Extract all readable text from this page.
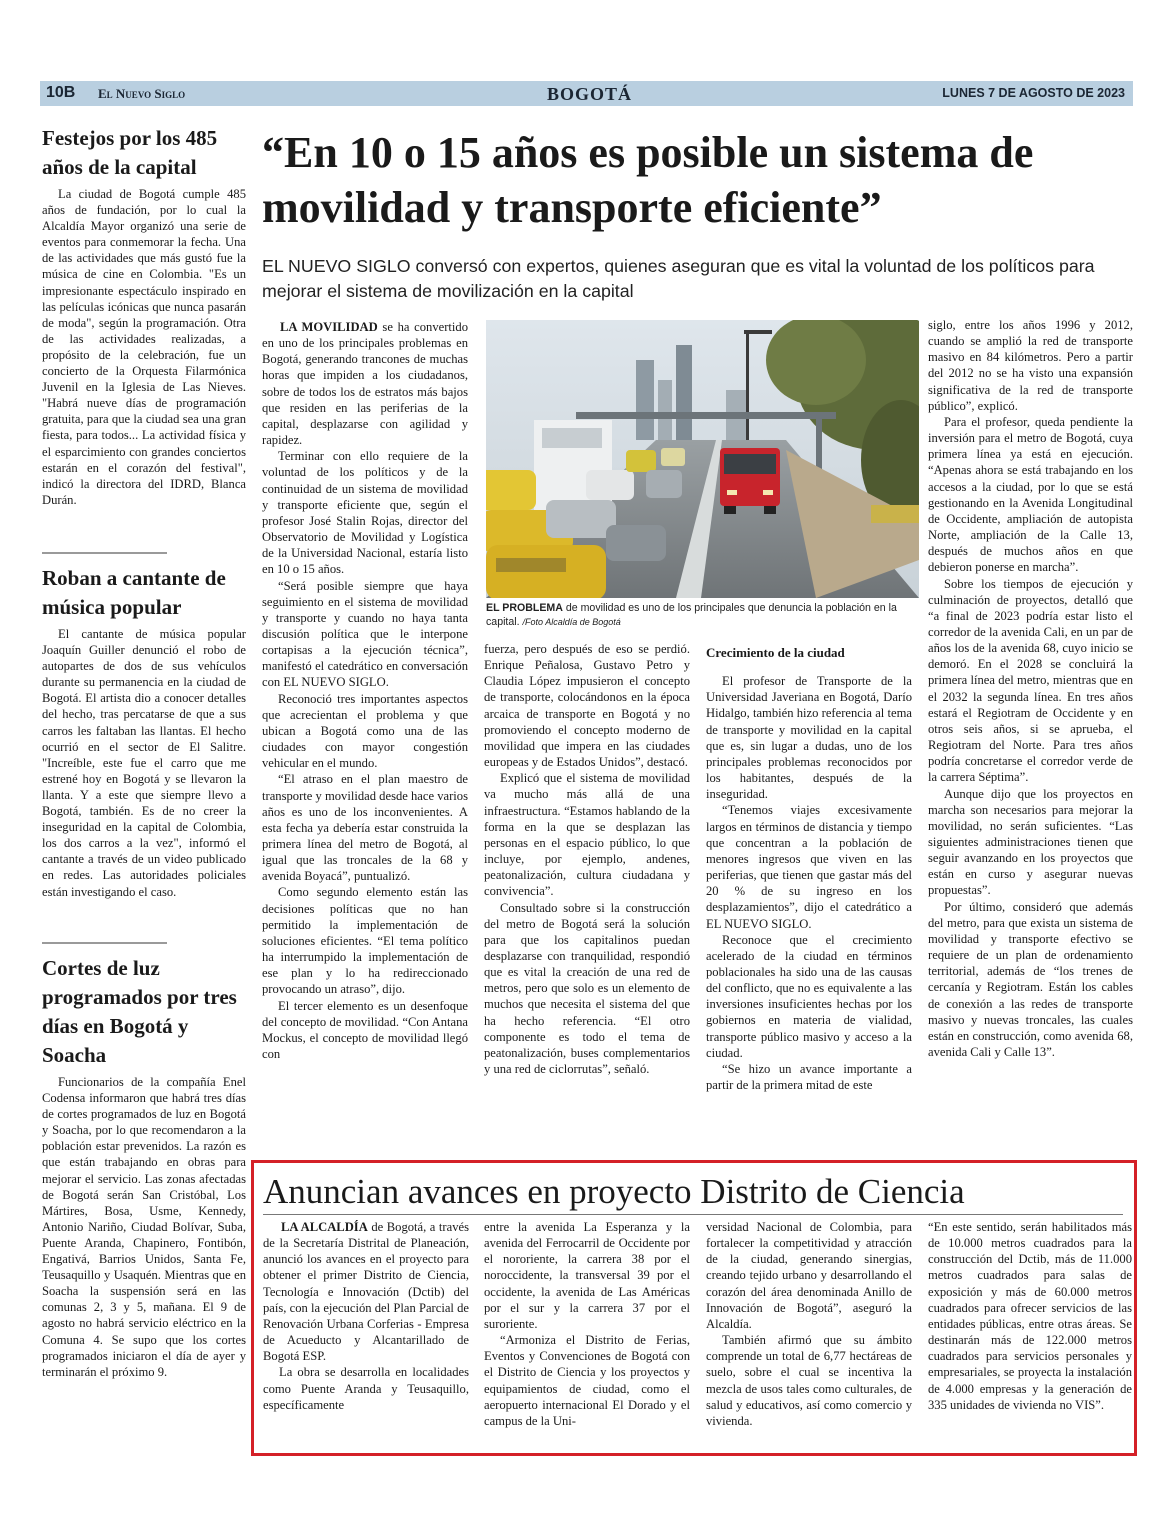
10B El Nuevo Siglo	BOGOTÁ	LUNES 7 DE AGOSTO DE 2023
Festejos por los 485 años de la capital
La ciudad de Bogotá cumple 485 años de fundación, por lo cual la Alcaldía Mayor organizó una serie de eventos para conmemorar la fecha. Una de las actividades que más gustó fue la música de cine en Colombia. "Es un impresionante espectáculo inspirado en las películas icónicas que nunca pasarán de moda", según la programación. Otra de las actividades realizadas, a propósito de la celebración, fue un concierto de la Orquesta Filarmónica Juvenil en la Iglesia de Las Nieves. "Habrá nueve días de programación gratuita, para que la ciudad sea una gran fiesta, para todos... La actividad física y el esparcimiento con grandes conciertos estarán en el corazón del festival", indicó la directora del IDRD, Blanca Durán.
Roban a cantante de música popular
El cantante de música popular Joaquín Guiller denunció el robo de autopartes de dos de sus vehículos durante su permanencia en la ciudad de Bogotá. El artista dio a conocer detalles del hecho, tras percatarse de que a sus carros les faltaban las llantas. El hecho ocurrió en el sector de El Salitre. "Increíble, este fue el carro que me estrené hoy en Bogotá y se llevaron la llanta. Y a este que siempre llevo a Bogotá, también. Es de no creer la inseguridad en la capital de Colombia, los dos carros a la vez", informó el cantante a través de un video publicado en redes. Las autoridades policiales están investigando el caso.
Cortes de luz programados por tres días en Bogotá y Soacha
Funcionarios de la compañía Enel Codensa informaron que habrá tres días de cortes programados de luz en Bogotá y Soacha, por lo que recomendaron a la población estar prevenidos. La razón es que están trabajando en obras para mejorar el servicio. Las zonas afectadas de Bogotá serán San Cristóbal, Los Mártires, Bosa, Usme, Kennedy, Antonio Nariño, Ciudad Bolívar, Suba, Puente Aranda, Chapinero, Fontibón, Engativá, Barrios Unidos, Santa Fe, Teusaquillo y Usaquén. Mientras que en Soacha la suspensión será en las comunas 2, 3 y 5, mañana. El 9 de agosto no habrá servicio eléctrico en la Comuna 4. Se supo que los cortes programados iniciaron el día de ayer y terminarán el próximo 9.
“En 10 o 15 años es posible un sistema de movilidad y transporte eficiente”
EL NUEVO SIGLO conversó con expertos, quienes aseguran que es vital la voluntad de los políticos para mejorar el sistema de movilización en la capital

LA MOVILIDAD se ha convertido en uno de los principales problemas en Bogotá, generando trancones de muchas horas que impiden a los ciudadanos, sobre de todos los de estratos más bajos que residen en las periferias de la capital, desplazarse con agilidad y rapidez.

Terminar con ello requiere de la voluntad de los políticos y de la continuidad de un sistema de movilidad y transporte eficiente que, según el profesor José Stalin Rojas, director del Observatorio de Movilidad y Logística de la Universidad Nacional, estaría listo en 10 o 15 años.

“Será posible siempre que haya seguimiento en el sistema de movilidad y transporte y cuando no haya tanta discusión política que le interpone cortapisas a la ejecución técnica”, manifestó el catedrático en conversación con EL NUEVO SIGLO.

Reconoció tres importantes aspectos que acrecientan el problema y que ubican a Bogotá como una de las ciudades con mayor congestión vehicular en el mundo.

“El atraso en el plan maestro de transporte y movilidad desde hace varios años es uno de los inconvenientes. A esta fecha ya debería estar construida la primera línea del metro de Bogotá, al igual que las troncales de la 68 y avenida Boyacá”, puntualizó.

Como segundo elemento están las decisiones políticas que no han permitido la implementación de soluciones eficientes. “El tema político ha interrumpido la implementación de ese plan y lo ha redireccionado provocando un atraso”, dijo.

El tercer elemento es un desenfoque del concepto de movilidad. “Con Antana Mockus, el concepto de movilidad llegó con

EL PROBLEMA de movilidad es uno de los principales que denuncia la población en la capital. /Foto Alcaldía de Bogotá

fuerza, pero después de eso se perdió. Enrique Peñalosa, Gustavo Petro y Claudia López impusieron el concepto de transporte, colocándonos en la época arcaica de transporte en Bogotá y no promoviendo el concepto moderno de movilidad que impera en las ciudades europeas y de Estados Unidos”, destacó.

Explicó que el sistema de movilidad va mucho más allá de una infraestructura. “Estamos hablando de la forma en la que se desplazan las personas en el espacio público, lo que incluye, por ejemplo, andenes, peatonalización, cultura ciudadana y convivencia”.

Consultado sobre si la construcción del metro de Bogotá será la solución para que los capitalinos puedan desplazarse con tranquilidad, respondió que es vital la creación de una red de metros, pero que solo es un elemento de muchos que necesita el sistema del que ha hecho referencia. “El otro componente es todo el tema de peatonalización, buses complementarios y una red de ciclorrutas”, señaló.

Crecimiento de la ciudad

El profesor de Transporte de la Universidad Javeriana en Bogotá, Darío Hidalgo, también hizo referencia al tema de transporte y movilidad en la capital que es, sin lugar a dudas, uno de los principales problemas reconocidos por los habitantes, después de la inseguridad.

“Tenemos viajes excesivamente largos en términos de distancia y tiempo que concentran a la población de menores ingresos que viven en las periferias, que tienen que gastar más del 20 % de su ingreso en los desplazamientos”, dijo el catedrático a EL NUEVO SIGLO.

Reconoce que el crecimiento acelerado de la ciudad en términos poblacionales ha sido una de las causas del conflicto, que no es equivalente a las inversiones insuficientes hechas por los gobiernos en materia de vialidad, transporte público masivo y acceso a la ciudad.

“Se hizo un avance importante a partir de la primera mitad de este

siglo, entre los años 1996 y 2012, cuando se amplió la red de transporte masivo en 84 kilómetros. Pero a partir del 2012 no se ha visto una expansión significativa de la red de transporte público”, explicó.

Para el profesor, queda pendiente la inversión para el metro de Bogotá, cuya primera línea ya está en ejecución. “Apenas ahora se está trabajando en los accesos a la ciudad, por lo que se está gestionando en la Avenida Longitudinal de Occidente, ampliación de autopista Norte, ampliación de la Calle 13, después de muchos años en que debieron ponerse en marcha”.

Sobre los tiempos de ejecución y culminación de proyectos, detalló que “a final de 2023 podría estar listo el corredor de la avenida Cali, en un par de años los de la avenida 68, cuyo inicio se demoró. En el 2028 se concluirá la primera línea del metro, mientras que en el 2032 la segunda línea. En tres años estará el Regiotram de Occidente y en otros seis años, si se aprueba, el Regiotram del Norte. Para tres años podría concretarse el corredor verde de la carrera Séptima”.

Aunque dijo que los proyectos en marcha son necesarios para mejorar la movilidad, no serán suficientes. “Las siguientes administraciones tienen que seguir avanzando en los proyectos que están en curso y asegurar nuevas propuestas”.

Por último, consideró que además del metro, para que exista un sistema de movilidad y transporte efectivo se requiere de un plan de ordenamiento territorial, además de “los trenes de cercanía y Regiotram. Están los cables de conexión a las redes de transporte masivo y nuevas troncales, las cuales están en construcción, como avenida 68, avenida Cali y Calle 13”.

Anuncian avances en proyecto Distrito de Ciencia

LA ALCALDÍA de Bogotá, a través de la Secretaría Distrital de Planeación, anunció los avances en el proyecto para obtener el primer Distrito de Ciencia, Tecnología e Innovación (Dctib) del país, con la ejecución del Plan Parcial de Renovación Urbana Corferias - Empresa de Acueducto y Alcantarillado de Bogotá ESP.

La obra se desarrolla en localidades como Puente Aranda y Teusaquillo, específicamente

entre la avenida La Esperanza y la avenida del Ferrocarril de Occidente por el nororiente, la carrera 38 por el noroccidente, la transversal 39 por el occidente, la avenida de Las Américas por el sur y la carrera 37 por el suroriente.

“Armoniza el Distrito de Ferias, Eventos y Convenciones de Bogotá con el Distrito de Ciencia y los proyectos y equipamientos de ciudad, como el aeropuerto internacional El Dorado y el campus de la Uni-

versidad Nacional de Colombia, para fortalecer la competitividad y atracción de la ciudad, generando sinergias, creando tejido urbano y desarrollando el corazón del área denominada Anillo de Innovación de Bogotá”, aseguró la Alcaldía.

También afirmó que su ámbito comprende un total de 6,77 hectáreas de suelo, sobre el cual se incentiva la mezcla de usos tales como culturales, de salud y educativos, así como comercio y vivienda.

“En este sentido, serán habilitados más de 10.000 metros cuadrados para la construcción del Dctib, más de 11.000 metros cuadrados para salas de exposición y más de 60.000 metros cuadrados para ofrecer servicios de las entidades públicas, entre otras áreas. Se destinarán más de 122.000 metros cuadrados para servicios personales y empresariales, se proyecta la instalación de 4.000 empresas y la generación de 335 unidades de vivienda no VIS”.
